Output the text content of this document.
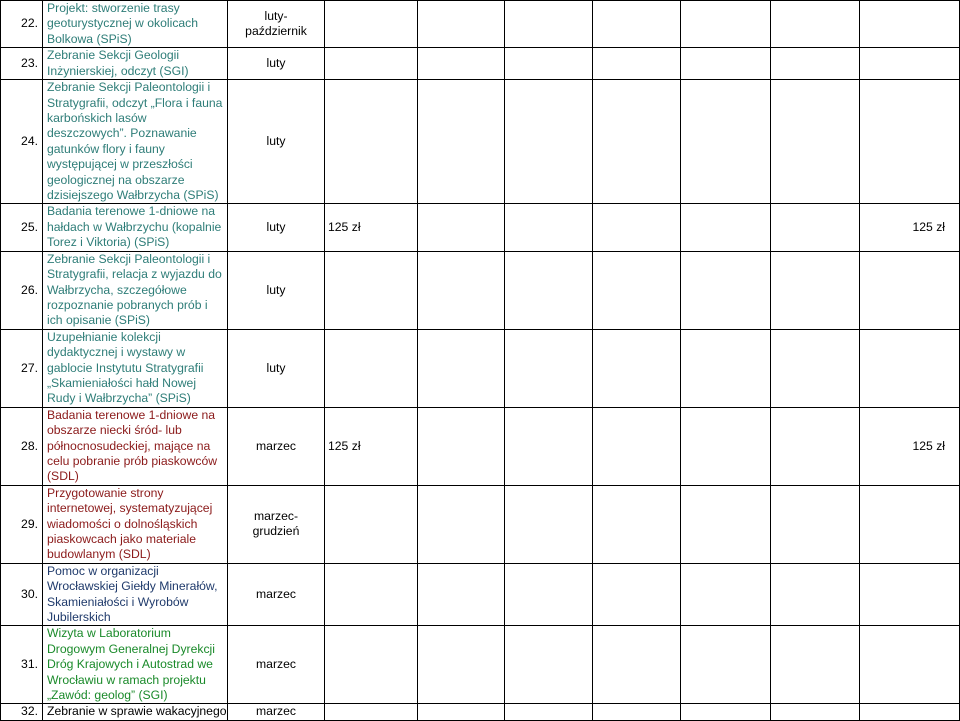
22.	Projekt: stworzenie trasy geoturystycznej w okolicach Bolkowa (SPiS)	luty-
październik							
23.	Zebranie Sekcji Geologii Inżynierskiej, odczyt (SGI)	luty							
24.	Zebranie Sekcji Paleontologii i Stratygrafii, odczyt „Flora i fauna karbońskich lasów deszczowych”. Poznawanie gatunków flory i fauny występującej w przeszłości geologicznej na obszarze dzisiejszego Wałbrzycha (SPiS)	luty							
25.	Badania terenowe 1-dniowe na hałdach w Wałbrzychu (kopalnie Torez i Viktoria) (SPiS)	luty	125 zł						125 zł
26.	Zebranie Sekcji Paleontologii i Stratygrafii, relacja z wyjazdu do Wałbrzycha, szczegółowe rozpoznanie pobranych prób i ich opisanie (SPiS)	luty							
27.	Uzupełnianie kolekcji dydaktycznej i wystawy w gablocie Instytutu Stratygrafii „Skamieniałości hałd Nowej Rudy i Wałbrzycha” (SPiS)	luty							
28.	Badania terenowe 1-dniowe na obszarze niecki śród- lub północnosudeckiej, mające na celu pobranie prób piaskowców (SDL)	marzec	125 zł						125 zł
29.	Przygotowanie strony internetowej, systematyzującej wiadomości o dolnośląskich piaskowcach jako materiale budowlanym (SDL)	marzec-
grudzień							
30.	Pomoc w organizacji Wrocławskiej Giełdy Minerałów, Skamieniałości i Wyrobów Jubilerskich	marzec							
31.	Wizyta w Laboratorium Drogowym Generalnej Dyrekcji Dróg Krajowych i Autostrad we Wrocławiu w ramach projektu „Zawód: geolog” (SGI)	marzec							
32.	Zebranie w sprawie wakacyjnego	marzec							
